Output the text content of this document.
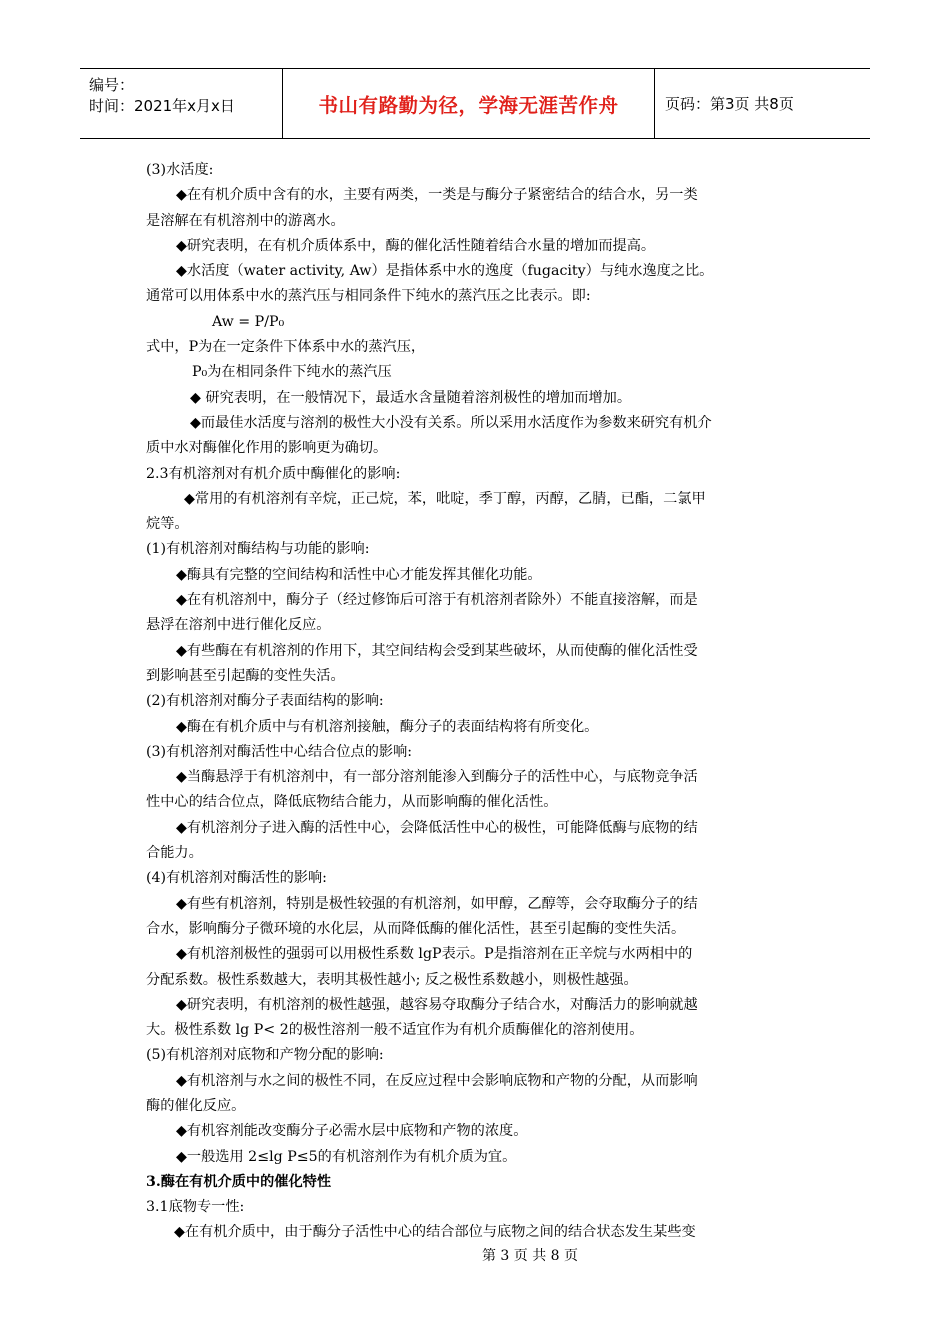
编号：
时间：2021年x月x日	书山有路勤为径，学海无涯苦作舟	页码：第3页 共8页
(3)水活度:
◆在有机介质中含有的水，主要有两类，一类是与酶分子紧密结合的结合水，另一类
是溶解在有机溶剂中的游离水。
◆研究表明，在有机介质体系中，酶的催化活性随着结合水量的增加而提高。
◆水活度（water activity, Aw）是指体系中水的逸度（fugacity）与纯水逸度之比。
通常可以用体系中水的蒸汽压与相同条件下纯水的蒸汽压之比表示。即:
Aw = P/P₀
式中，P为在一定条件下体系中水的蒸汽压，
P₀为在相同条件下纯水的蒸汽压
◆ 研究表明，在一般情况下，最适水含量随着溶剂极性的增加而增加。
◆而最佳水活度与溶剂的极性大小没有关系。所以采用水活度作为参数来研究有机介
质中水对酶催化作用的影响更为确切。
2.3有机溶剂对有机介质中酶催化的影响:
◆常用的有机溶剂有辛烷，正己烷，苯，吡啶，季丁醇，丙醇，乙腈，已酯，二氯甲
烷等。
(1)有机溶剂对酶结构与功能的影响:
◆酶具有完整的空间结构和活性中心才能发挥其催化功能。
◆在有机溶剂中，酶分子（经过修饰后可溶于有机溶剂者除外）不能直接溶解，而是
悬浮在溶剂中进行催化反应。
◆有些酶在有机溶剂的作用下，其空间结构会受到某些破坏，从而使酶的催化活性受
到影响甚至引起酶的变性失活。
(2)有机溶剂对酶分子表面结构的影响:
◆酶在有机介质中与有机溶剂接触，酶分子的表面结构将有所变化。
(3)有机溶剂对酶活性中心结合位点的影响:
◆当酶悬浮于有机溶剂中，有一部分溶剂能渗入到酶分子的活性中心，与底物竞争活
性中心的结合位点，降低底物结合能力，从而影响酶的催化活性。
◆有机溶剂分子进入酶的活性中心，会降低活性中心的极性，可能降低酶与底物的结
合能力。
(4)有机溶剂对酶活性的影响:
◆有些有机溶剂，特别是极性较强的有机溶剂，如甲醇，乙醇等，会夺取酶分子的结
合水，影响酶分子微环境的水化层，从而降低酶的催化活性，甚至引起酶的变性失活。
◆有机溶剂极性的强弱可以用极性系数 lgP表示。P是指溶剂在正辛烷与水两相中的
分配系数。极性系数越大，表明其极性越小; 反之极性系数越小，则极性越强。
◆研究表明，有机溶剂的极性越强，越容易夺取酶分子结合水，对酶活力的影响就越
大。极性系数 lg P< 2的极性溶剂一般不适宜作为有机介质酶催化的溶剂使用。
(5)有机溶剂对底物和产物分配的影响:
◆有机溶剂与水之间的极性不同，在反应过程中会影响底物和产物的分配，从而影响
酶的催化反应。
◆有机容剂能改变酶分子必需水层中底物和产物的浓度。
◆一般选用 2≤lg P≤5的有机溶剂作为有机介质为宜。
3.酶在有机介质中的催化特性
3.1底物专一性:
◆在有机介质中，由于酶分子活性中心的结合部位与底物之间的结合状态发生某些变
第 3 页 共 8 页
